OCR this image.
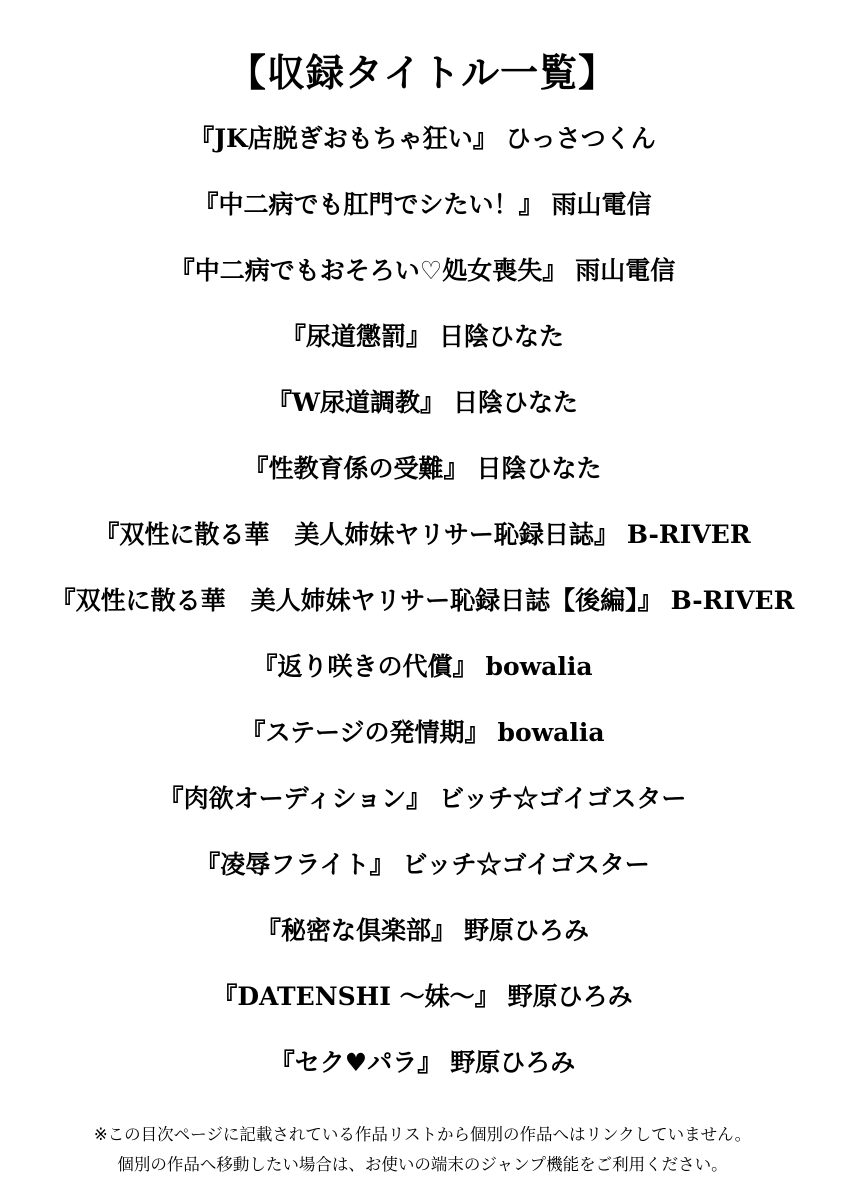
【収録タイトル一覧】
『JK店脱ぎおもちゃ狂い』 ひっさつくん
『中二病でも肛門でシたい！』 雨山電信
『中二病でもおそろい♡処女喪失』 雨山電信
『尿道懲罰』 日陰ひなた
『W尿道調教』 日陰ひなた
『性教育係の受難』 日陰ひなた
『双性に散る華　美人姉妹ヤリサー恥録日誌』 B-RIVER
『双性に散る華　美人姉妹ヤリサー恥録日誌【後編】』 B-RIVER
『返り咲きの代償』 bowalia
『ステージの発情期』 bowalia
『肉欲オーディション』 ビッチ☆ゴイゴスター
『凌辱フライト』 ビッチ☆ゴイゴスター
『秘密な倶楽部』 野原ひろみ
『DATENSHI ～妹～』 野原ひろみ
『セク♥パラ』 野原ひろみ

※この目次ページに記載されている作品リストから個別の作品へはリンクしていません。

個別の作品へ移動したい場合は、お使いの端末のジャンプ機能をご利用ください。
